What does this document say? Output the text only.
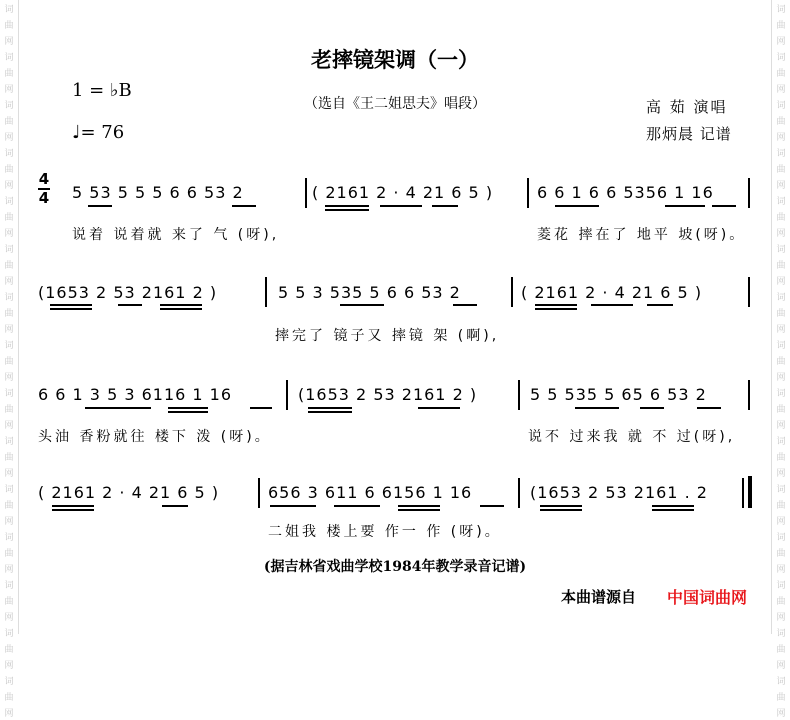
词
曲
网
词
曲
网
词
曲
网
词
曲
网
词
曲
网
词
曲
网
词
曲
网
词
曲
网
词
曲
网
词
曲
网
词
曲
网
词
曲
网
词
曲
网
词
曲
网
词
曲
网
词
曲
网
词
曲
网
词
曲
网
词
曲
网
词
曲
网
词
曲
网
词
曲
网
词
曲
网
词
曲
网
词
曲
网
词
曲
网
词
曲
网
词
曲
网
词
曲
网
词
曲
网
老摔镜架调（一）
（选自《王二姐思夫》唱段）
1 = ♭B
♩= 76
高 茹 演唱
那炳晨 记谱
4
4 5 53 5 5 5 6 6 53 2	( 2161 2 · 4 21 6 5 )	6 6 1 6 6 5356 1 16
说着 说着就 来了 气 (呀),	菱花 摔在了 地平 坡(呀)。
(1653 2 53 2161 2 )	5 5 3 535 5 6 6 53 2	( 2161 2 · 4 21 6 5 )
摔完了 镜子又 摔镜 架 (啊),
6 6 1 3 5 3 6116 1 16	(1653 2 53 2161 2 )	5 5 535 5 65 6 53 2
头油 香粉就往 楼下 泼 (呀)。	说不 过来我 就 不 过(呀),
( 2161 2 · 4 21 6 5 )	656 3 611 6 6156 1 16	(1653 2 53 2161 . 2
二姐我 楼上要 作一 作 (呀)。
(据吉林省戏曲学校1984年教学录音记谱)
本曲谱源自 中国词曲网
